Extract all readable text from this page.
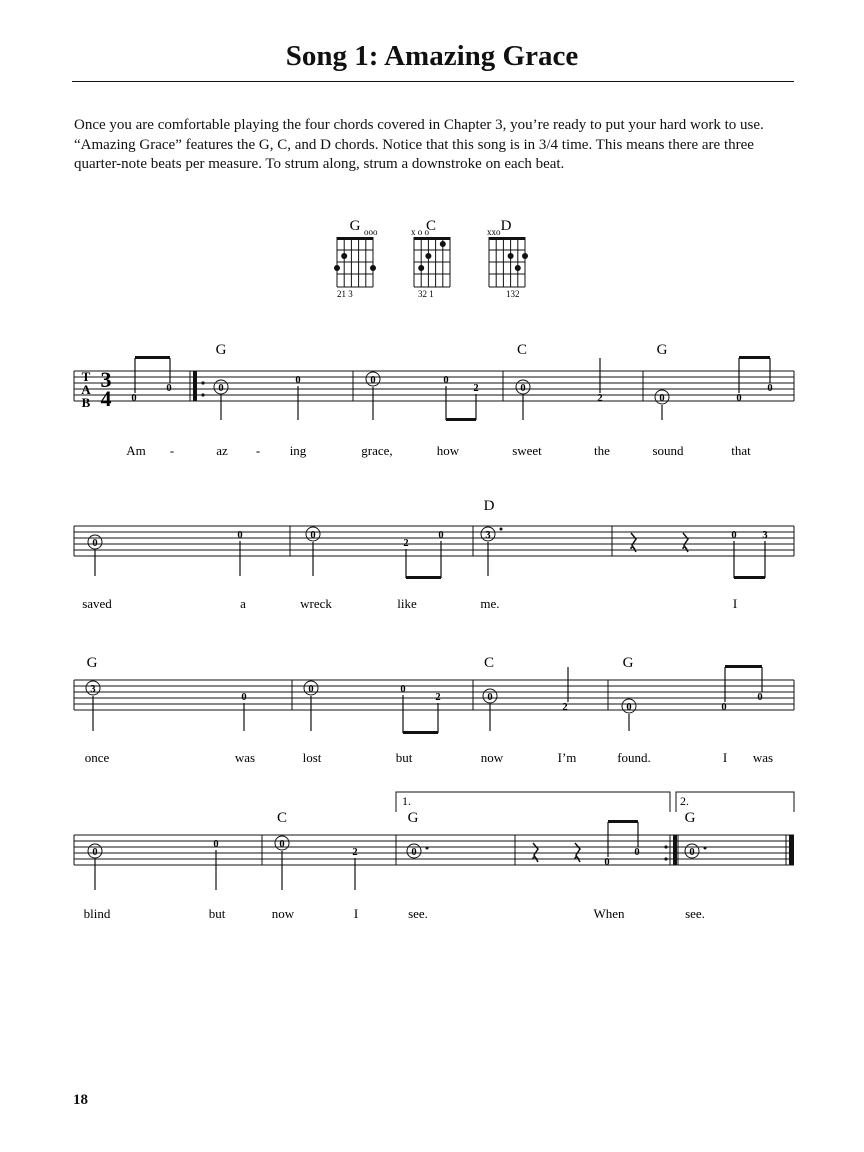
Song 1: Amazing Grace
Once you are comfortable playing the four chords covered in Chapter 3, you’re ready to put your hard work to use. “Amazing Grace” features the G, C, and D chords. Notice that this song is in 3/4 time. This means there are three quarter-note beats per measure. To strum along, strum a downstroke on each beat.
G ooo
21 3
C
x o o
32 1
D
xxo
132
T
A
B
3
4
G	C	G
0
0	0
0	0	0
2	0
2	0	0
0
Am -	az - ing	grace,	how	sweet	the	sound	that
D
0
0	0
2
0	3	0 3
saved	a	wreck	like	me.	I
G	C	G
3
0
0	0
2	0
2	0	0
0
once	was	lost	but	now	I’m	found.	I was
1.	2.
C	G	G
0
0	0
2	0
0
0	0
blind	but	now	I	see.	When	see.
18
